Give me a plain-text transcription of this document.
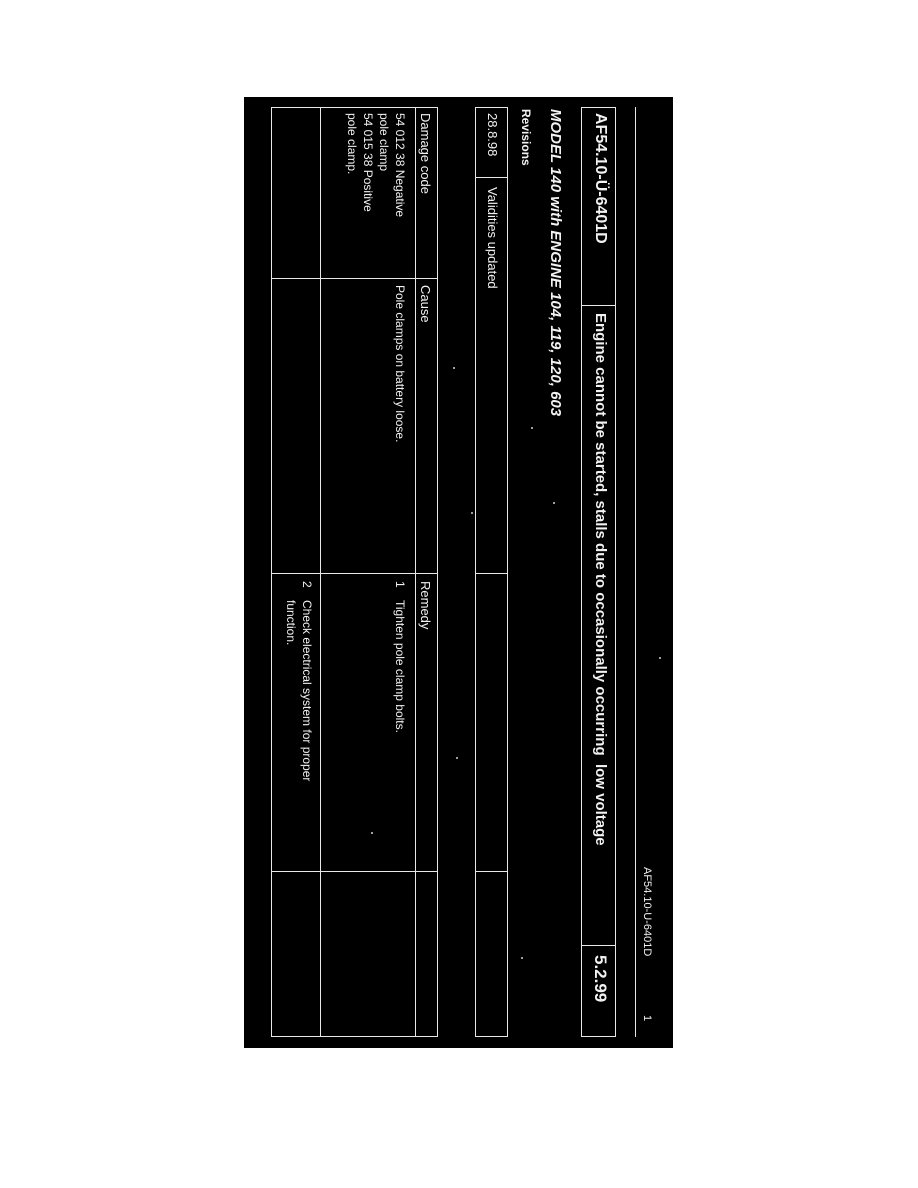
AF54.10-U-6401D
1
AF54.10-Ü-6401D
Engine cannot be started, stalls due to occasionally occurring  low voltage
5.2.99
MODEL 140 with ENGINE 104, 119, 120, 603
Revisions
28.8.98
Validities updated
Damage code
Cause
Remedy
54 012 38 Negative
pole clamp
54 015 38 Positive
pole clamp.
Pole clamps on battery loose.
1
Tighten pole clamp bolts.
2
Check electrical system for proper
function.
